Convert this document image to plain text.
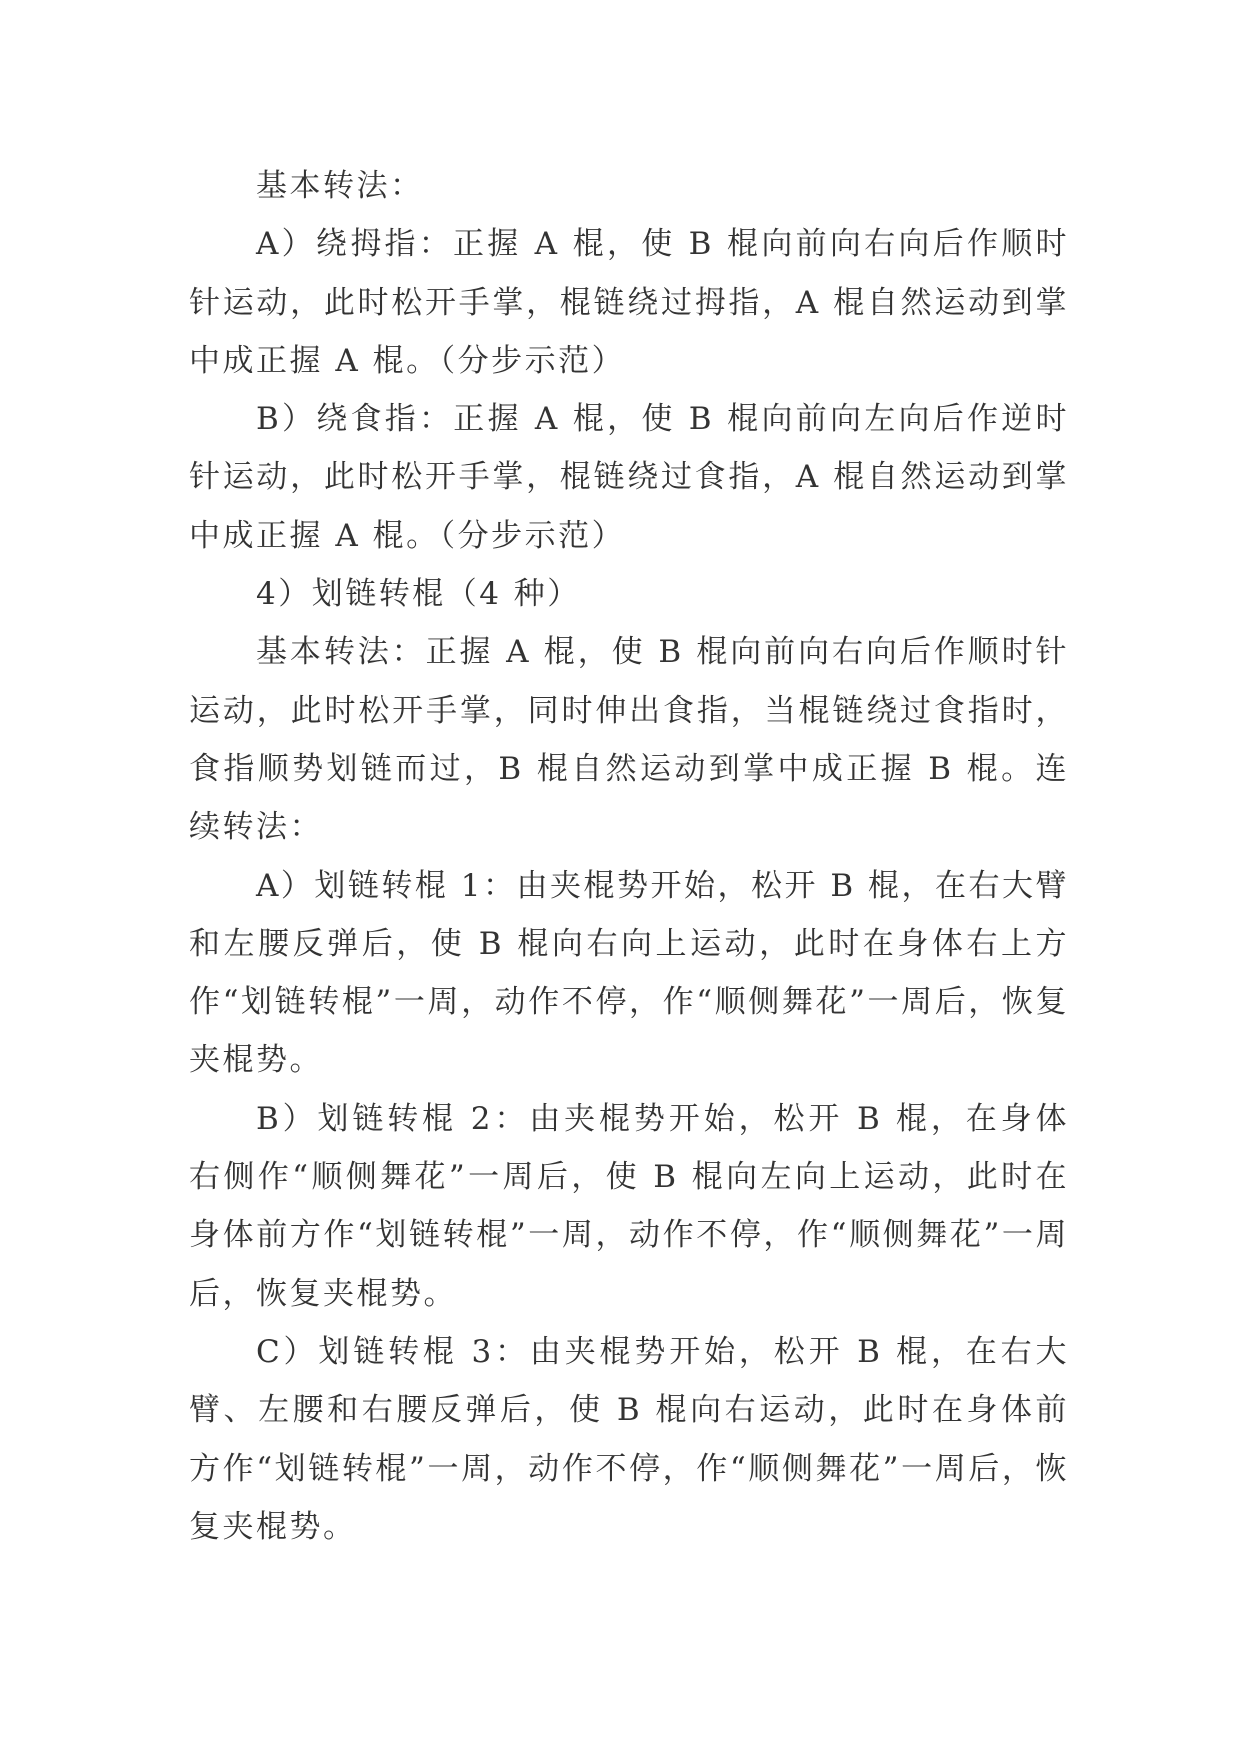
基本转法：

A）绕拇指：正握 A 棍，使 B 棍向前向右向后作顺时针运动，此时松开手掌，棍链绕过拇指，A 棍自然运动到掌中成正握 A 棍。（分步示范）

B）绕食指：正握 A 棍，使 B 棍向前向左向后作逆时针运动，此时松开手掌，棍链绕过食指，A 棍自然运动到掌中成正握 A 棍。（分步示范）

4）划链转棍（4 种）

基本转法：正握 A 棍，使 B 棍向前向右向后作顺时针运动，此时松开手掌，同时伸出食指，当棍链绕过食指时，食指顺势划链而过，B 棍自然运动到掌中成正握 B 棍。连续转法：

A）划链转棍 1：由夹棍势开始，松开 B 棍，在右大臂和左腰反弹后，使 B 棍向右向上运动，此时在身体右上方作“划链转棍”一周，动作不停，作“顺侧舞花”一周后，恢复夹棍势。

B）划链转棍 2：由夹棍势开始，松开 B 棍，在身体右侧作“顺侧舞花”一周后，使 B 棍向左向上运动，此时在身体前方作“划链转棍”一周，动作不停，作“顺侧舞花”一周后，恢复夹棍势。

C）划链转棍 3：由夹棍势开始，松开 B 棍，在右大臂、左腰和右腰反弹后，使 B 棍向右运动，此时在身体前方作“划链转棍”一周，动作不停，作“顺侧舞花”一周后，恢复夹棍势。
